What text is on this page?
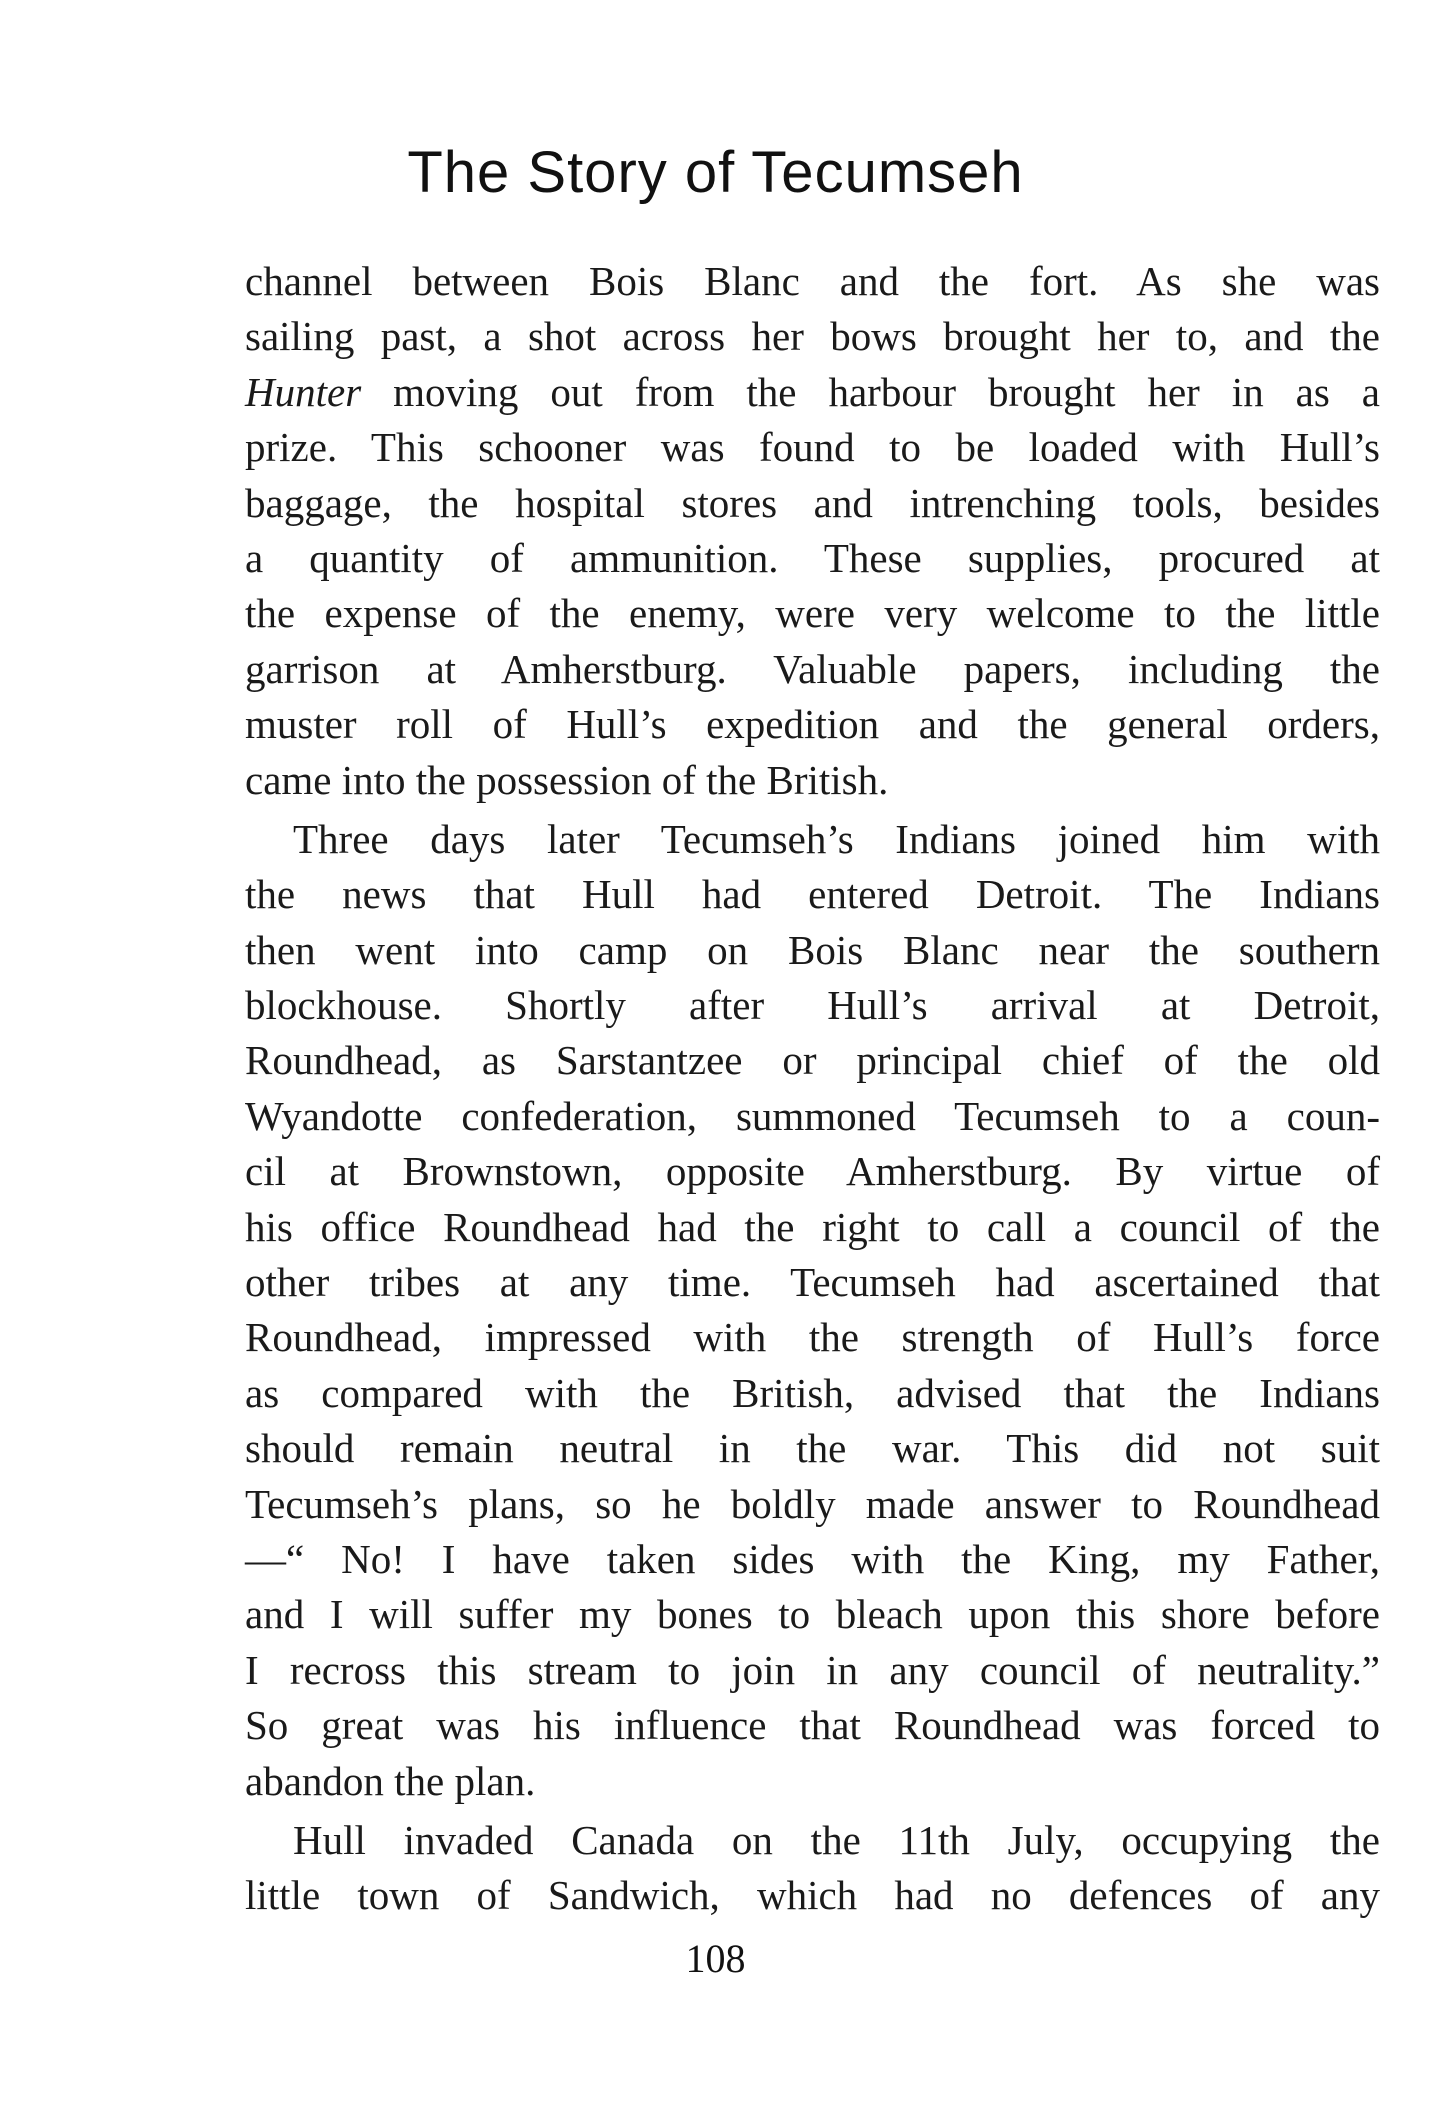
The Story of Tecumseh
channel between Bois Blanc and the fort. As she was
sailing past, a shot across her bows brought her to, and the
Hunter moving out from the harbour brought her in as a
prize. This schooner was found to be loaded with Hull’s
baggage, the hospital stores and intrenching tools, besides
a quantity of ammunition. These supplies, procured at
the expense of the enemy, were very welcome to the little
garrison at Amherstburg. Valuable papers, including the
muster roll of Hull’s expedition and the general orders,
came into the possession of the British.
Three days later Tecumseh’s Indians joined him with
the news that Hull had entered Detroit. The Indians
then went into camp on Bois Blanc near the southern
blockhouse. Shortly after Hull’s arrival at Detroit,
Roundhead, as Sarstantzee or principal chief of the old
Wyandotte confederation, summoned Tecumseh to a coun-
cil at Brownstown, opposite Amherstburg. By virtue of
his office Roundhead had the right to call a council of the
other tribes at any time. Tecumseh had ascertained that
Roundhead, impressed with the strength of Hull’s force
as compared with the British, advised that the Indians
should remain neutral in the war. This did not suit
Tecumseh’s plans, so he boldly made answer to Roundhead
—“ No! I have taken sides with the King, my Father,
and I will suffer my bones to bleach upon this shore before
I recross this stream to join in any council of neutrality.”
So great was his influence that Roundhead was forced to
abandon the plan.
Hull invaded Canada on the 11th July, occupying the
little town of Sandwich, which had no defences of any
108
